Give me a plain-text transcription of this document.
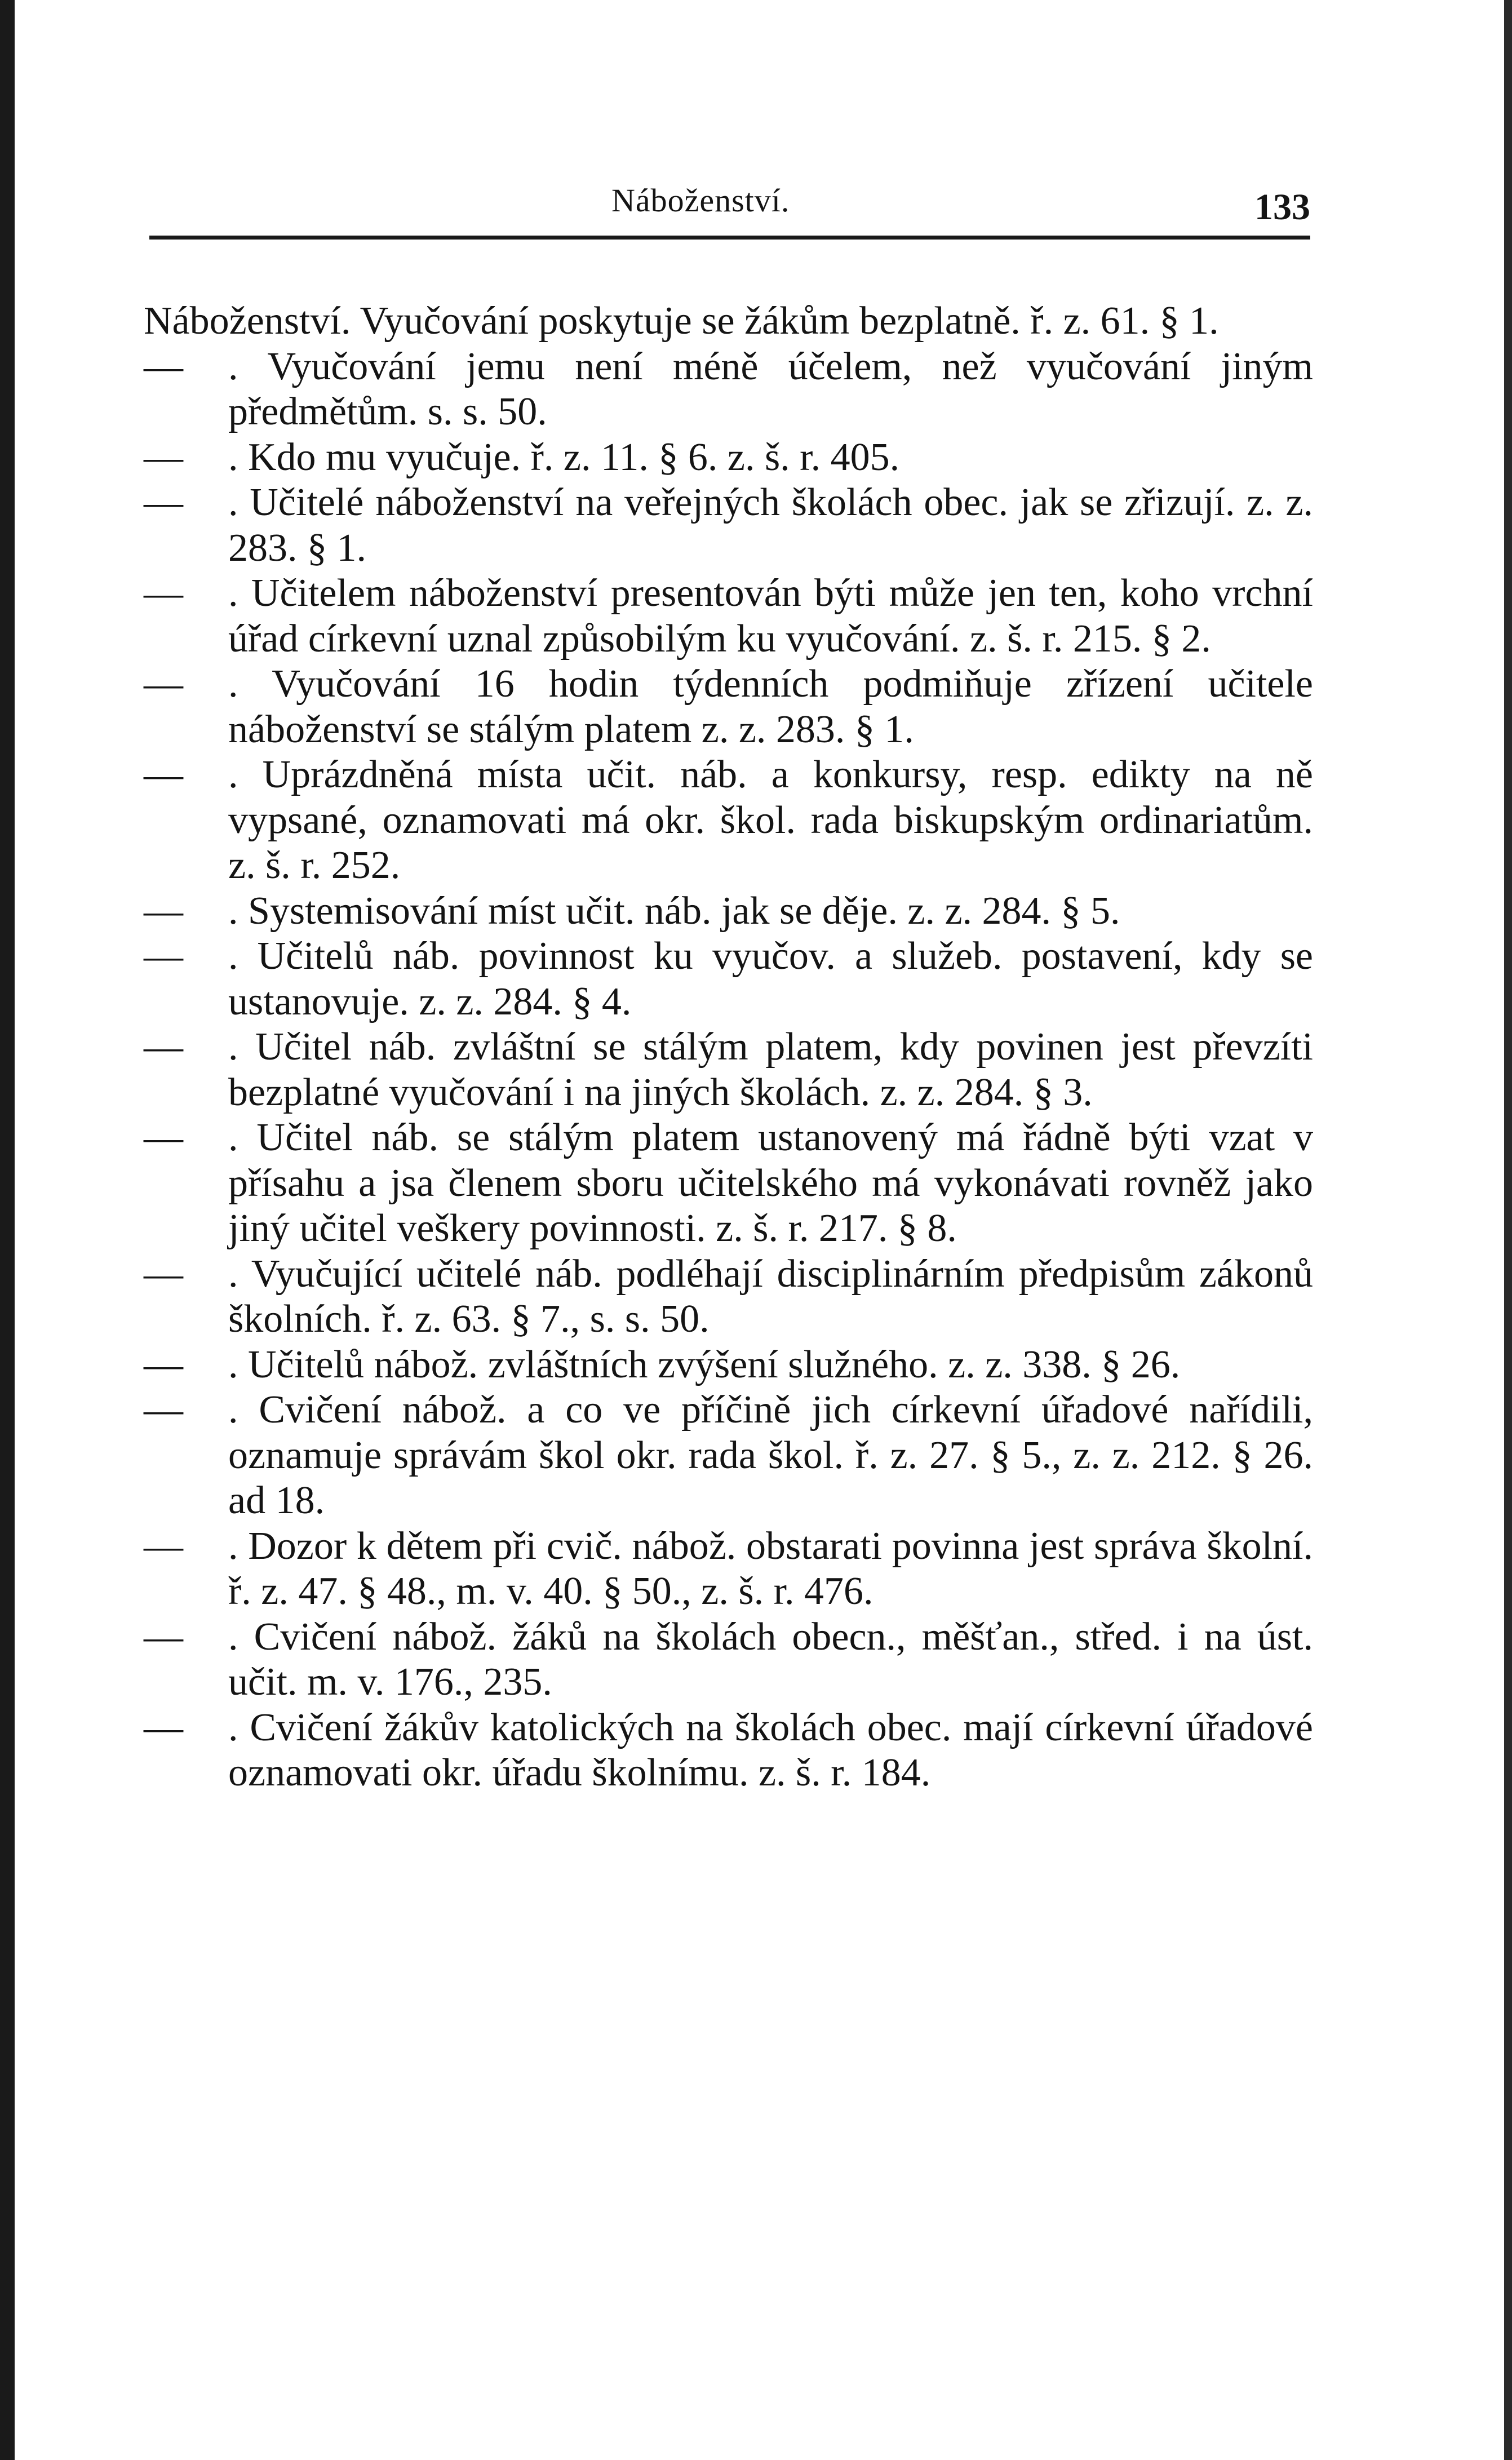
Náboženství.	133
Náboženství. Vyučování poskytuje se žákům bezplatně. ř. z. 61. § 1.
— . Vyučování jemu není méně účelem, než vyučování jiným předmětům. s. s. 50.
— . Kdo mu vyučuje. ř. z. 11. § 6. z. š. r. 405.
— . Učitelé náboženství na veřejných školách obec. jak se zřizují. z. z. 283. § 1.
— . Učitelem náboženství presentován býti může jen ten, koho vrchní úřad církevní uznal způsobilým ku vyučování. z. š. r. 215. § 2.
— . Vyučování 16 hodin týdenních podmiňuje zřízení učitele náboženství se stálým platem z. z. 283. § 1.
— . Uprázdněná místa učit. náb. a konkursy, resp. edikty na ně vypsané, oznamovati má okr. škol. rada biskupským ordinariatům. z. š. r. 252.
— . Systemisování míst učit. náb. jak se děje. z. z. 284. § 5.
— . Učitelů náb. povinnost ku vyučov. a služeb. postavení, kdy se ustanovuje. z. z. 284. § 4.
— . Učitel náb. zvláštní se stálým platem, kdy povinen jest převzíti bezplatné vyučování i na jiných školách. z. z. 284. § 3.
— . Učitel náb. se stálým platem ustanovený má řádně býti vzat v přísahu a jsa členem sboru učitelského má vykonávati rovněž jako jiný učitel veškery povinnosti. z. š. r. 217. § 8.
— . Vyučující učitelé náb. podléhají disciplinárním předpisům zákonů školních. ř. z. 63. § 7., s. s. 50.
— . Učitelů nábož. zvláštních zvýšení služného. z. z. 338. § 26.
— . Cvičení nábož. a co ve příčině jich církevní úřadové nařídili, oznamuje správám škol okr. rada škol. ř. z. 27. § 5., z. z. 212. § 26. ad 18.
— . Dozor k dětem při cvič. nábož. obstarati povinna jest správa školní. ř. z. 47. § 48., m. v. 40. § 50., z. š. r. 476.
— . Cvičení nábož. žáků na školách obecn., měšťan., střed. i na úst. učit. m. v. 176., 235.
— . Cvičení žákův katolických na školách obec. mají církevní úřadové oznamovati okr. úřadu školnímu. z. š. r. 184.
